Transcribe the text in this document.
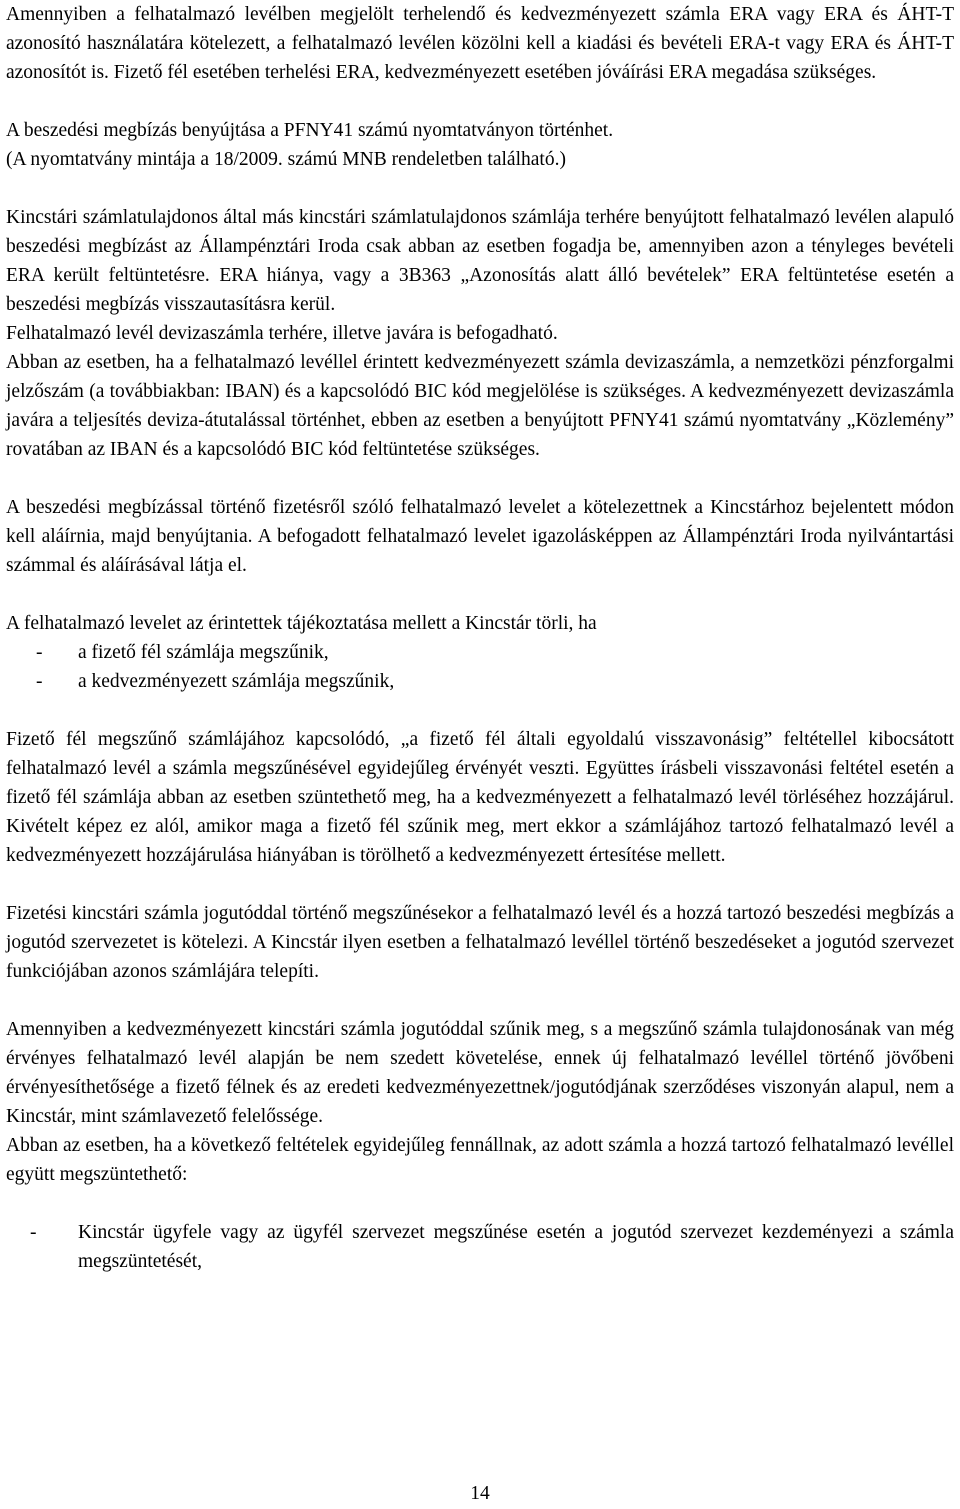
Amennyiben a felhatalmazó levélben megjelölt terhelendő és kedvezményezett számla ERA vagy ERA és ÁHT-T azonosító használatára kötelezett, a felhatalmazó levélen közölni kell a kiadási és bevételi ERA-t vagy ERA és ÁHT-T azonosítót is. Fizető fél esetében terhelési ERA, kedvezményezett esetében jóváírási ERA megadása szükséges.

A beszedési megbízás benyújtása a PFNY41 számú nyomtatványon történhet.

(A nyomtatvány mintája a 18/2009. számú MNB rendeletben található.)

Kincstári számlatulajdonos által más kincstári számlatulajdonos számlája terhére benyújtott felhatalmazó levélen alapuló beszedési megbízást az Állampénztári Iroda csak abban az esetben fogadja be, amennyiben azon a tényleges bevételi ERA került feltüntetésre. ERA hiánya, vagy a 3B363 „Azonosítás alatt álló bevételek” ERA feltüntetése esetén a beszedési megbízás visszautasításra kerül.

Felhatalmazó levél devizaszámla terhére, illetve javára is befogadható.

Abban az esetben, ha a felhatalmazó levéllel érintett kedvezményezett számla devizaszámla, a nemzetközi pénzforgalmi jelzőszám (a továbbiakban: IBAN) és a kapcsolódó BIC kód megjelölése is szükséges. A kedvezményezett devizaszámla javára a teljesítés deviza-átutalással történhet, ebben az esetben a benyújtott PFNY41 számú nyomtatvány „Közlemény” rovatában az IBAN és a kapcsolódó BIC kód feltüntetése szükséges.

A beszedési megbízással történő fizetésről szóló felhatalmazó levelet a kötelezettnek a Kincstárhoz bejelentett módon kell aláírnia, majd benyújtania. A befogadott felhatalmazó levelet igazolásképpen az Állampénztári Iroda nyilvántartási számmal és aláírásával látja el.

A felhatalmazó levelet az érintettek tájékoztatása mellett a Kincstár törli, ha

-	a fizető fél számlája megszűnik,
-	a kedvezményezett számlája megszűnik,

Fizető fél megszűnő számlájához kapcsolódó, „a fizető fél általi egyoldalú visszavonásig” feltétellel kibocsátott felhatalmazó levél a számla megszűnésével egyidejűleg érvényét veszti. Együttes írásbeli visszavonási feltétel esetén a fizető fél számlája abban az esetben szüntethető meg, ha a kedvezményezett a felhatalmazó levél törléséhez hozzájárul. Kivételt képez ez alól, amikor maga a fizető fél szűnik meg, mert ekkor a számlájához tartozó felhatalmazó levél a kedvezményezett hozzájárulása hiányában is törölhető a kedvezményezett értesítése mellett.

Fizetési kincstári számla jogutóddal történő megszűnésekor a felhatalmazó levél és a hozzá tartozó beszedési megbízás a jogutód szervezetet is kötelezi. A Kincstár ilyen esetben a felhatalmazó levéllel történő beszedéseket a jogutód szervezet funkciójában azonos számlájára telepíti.

Amennyiben a kedvezményezett kincstári számla jogutóddal szűnik meg, s a megszűnő számla tulajdonosának van még érvényes felhatalmazó levél alapján be nem szedett követelése, ennek új felhatalmazó levéllel történő jövőbeni érvényesíthetősége a fizető félnek és az eredeti kedvezményezettnek/jogutódjának szerződéses viszonyán alapul, nem a Kincstár, mint számlavezető felelőssége.

Abban az esetben, ha a következő feltételek egyidejűleg fennállnak, az adott számla a hozzá tartozó felhatalmazó levéllel együtt megszüntethető:

-	Kincstár ügyfele vagy az ügyfél szervezet megszűnése esetén a jogutód szervezet kezdeményezi a számla megszüntetését,
14
